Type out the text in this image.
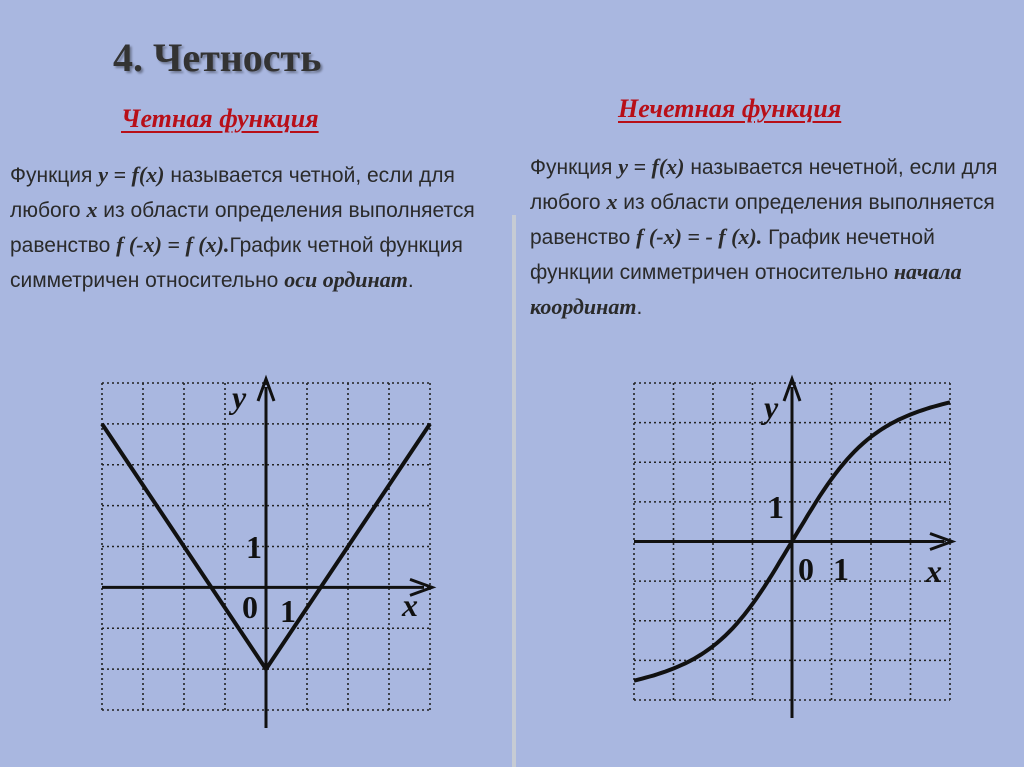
4. Четность
Четная функция	Нечетная функция

Функция y = f(x) называется четной, если для любого x из области определения выполняется равенство f (-x) = f (x).График четной функция симметричен относительно оси ординат.

Функция y = f(x) называется нечетной, если для любого x из области определения выполняется равенство f (-x) = - f (x). График нечетной функции симметричен относительно начала координат.

y
x
0 1
1
y
x
0 1
1
